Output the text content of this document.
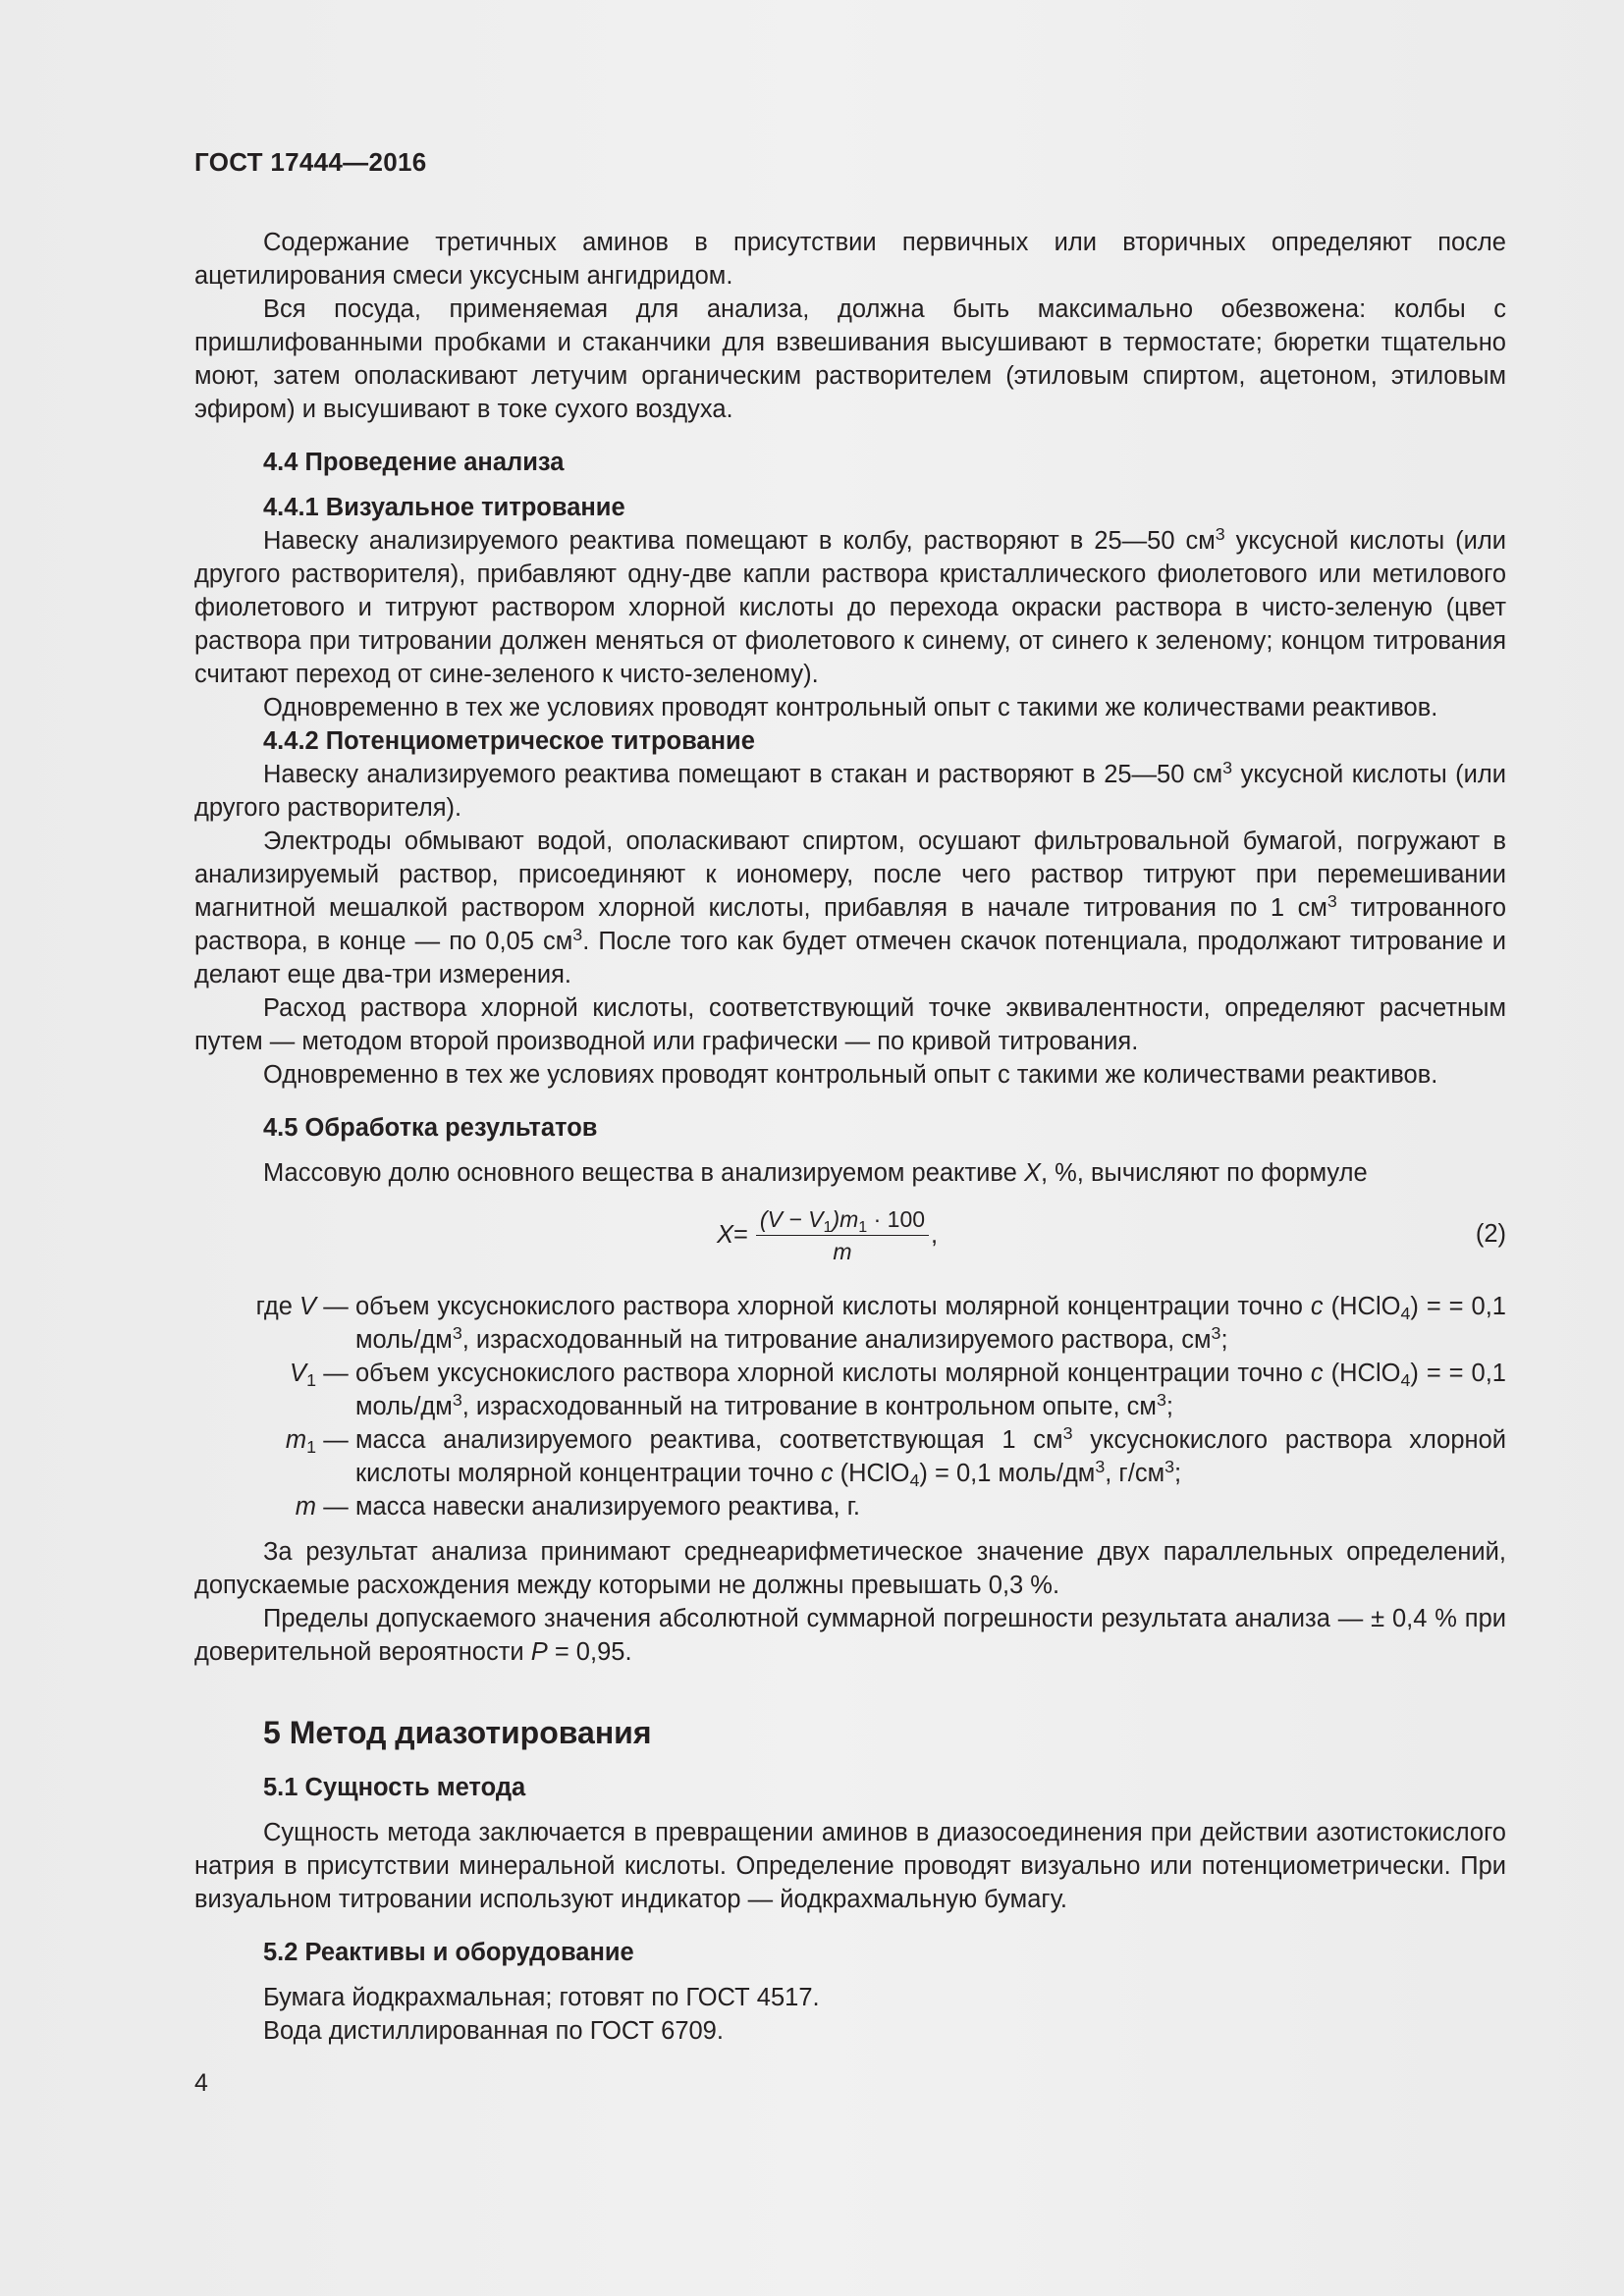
ГОСТ 17444—2016

Содержание третичных аминов в присутствии первичных или вторичных определяют после ацетилирования смеси уксусным ангидридом.

Вся посуда, применяемая для анализа, должна быть максимально обезвожена: колбы с пришлифованными пробками и стаканчики для взвешивания высушивают в термостате; бюретки тщательно моют, затем ополаскивают летучим органическим растворителем (этиловым спиртом, ацетоном, этиловым эфиром) и высушивают в токе сухого воздуха.

4.4 Проведение анализа
4.4.1 Визуальное титрование

Навеску анализируемого реактива помещают в колбу, растворяют в 25—50 $см^3$ уксусной кислоты (или другого растворителя), прибавляют одну-две капли раствора кристаллического фиолетового или метилового фиолетового и титруют раствором хлорной кислоты до перехода окраски раствора в чисто-зеленую (цвет раствора при титровании должен меняться от фиолетового к синему, от синего к зеленому; концом титрования считают переход от сине-зеленого к чисто-зеленому).

Одновременно в тех же условиях проводят контрольный опыт с такими же количествами реактивов.

4.4.2 Потенциометрическое титрование

Навеску анализируемого реактива помещают в стакан и растворяют в 25—50 $см^3$ уксусной кислоты (или другого растворителя).

Электроды обмывают водой, ополаскивают спиртом, осушают фильтровальной бумагой, погружают в анализируемый раствор, присоединяют к иономеру, после чего раствор титруют при перемешивании магнитной мешалкой раствором хлорной кислоты, прибавляя в начале титрования по 1 $см^3$ титрованного раствора, в конце — по 0,05 $см^3$. После того как будет отмечен скачок потенциала, продолжают титрование и делают еще два-три измерения.

Расход раствора хлорной кислоты, соответствующий точке эквивалентности, определяют расчетным путем — методом второй производной или графически — по кривой титрования.

Одновременно в тех же условиях проводят контрольный опыт с такими же количествами реактивов.

4.5 Обработка результатов

Массовую долю основного вещества в анализируемом реактиве X, %, вычисляют по формуле

$X = \frac{(V - V_1)m_1 \cdot 100}{m}$ ,	(2)
где V — объем уксуснокислого раствора хлорной кислоты молярной концентрации точно c (HClO$_4$) = = 0,1 моль/$дм^3$, израсходованный на титрование анализируемого раствора, $см^3$;
$V_1$ — объем уксуснокислого раствора хлорной кислоты молярной концентрации точно c (HClO$_4$) = = 0,1 моль/$дм^3$, израсходованный на титрование в контрольном опыте, $см^3$;
$m_1$ — масса анализируемого реактива, соответствующая 1 $см^3$ уксуснокислого раствора хлорной кислоты молярной концентрации точно c (HClO$_4$) = 0,1 моль/$дм^3$, $г/см^3$;
m — масса навески анализируемого реактива, г.

За результат анализа принимают среднеарифметическое значение двух параллельных определений, допускаемые расхождения между которыми не должны превышать 0,3 %.

Пределы допускаемого значения абсолютной суммарной погрешности результата анализа — ± 0,4 % при доверительной вероятности P = 0,95.

5 Метод диазотирования
5.1 Сущность метода

Сущность метода заключается в превращении аминов в диазосоединения при действии азотистокислого натрия в присутствии минеральной кислоты. Определение проводят визуально или потенциометрически. При визуальном титровании используют индикатор — йодкрахмальную бумагу.

5.2 Реактивы и оборудование

Бумага йодкрахмальная; готовят по ГОСТ 4517.

Вода дистиллированная по ГОСТ 6709.

4
